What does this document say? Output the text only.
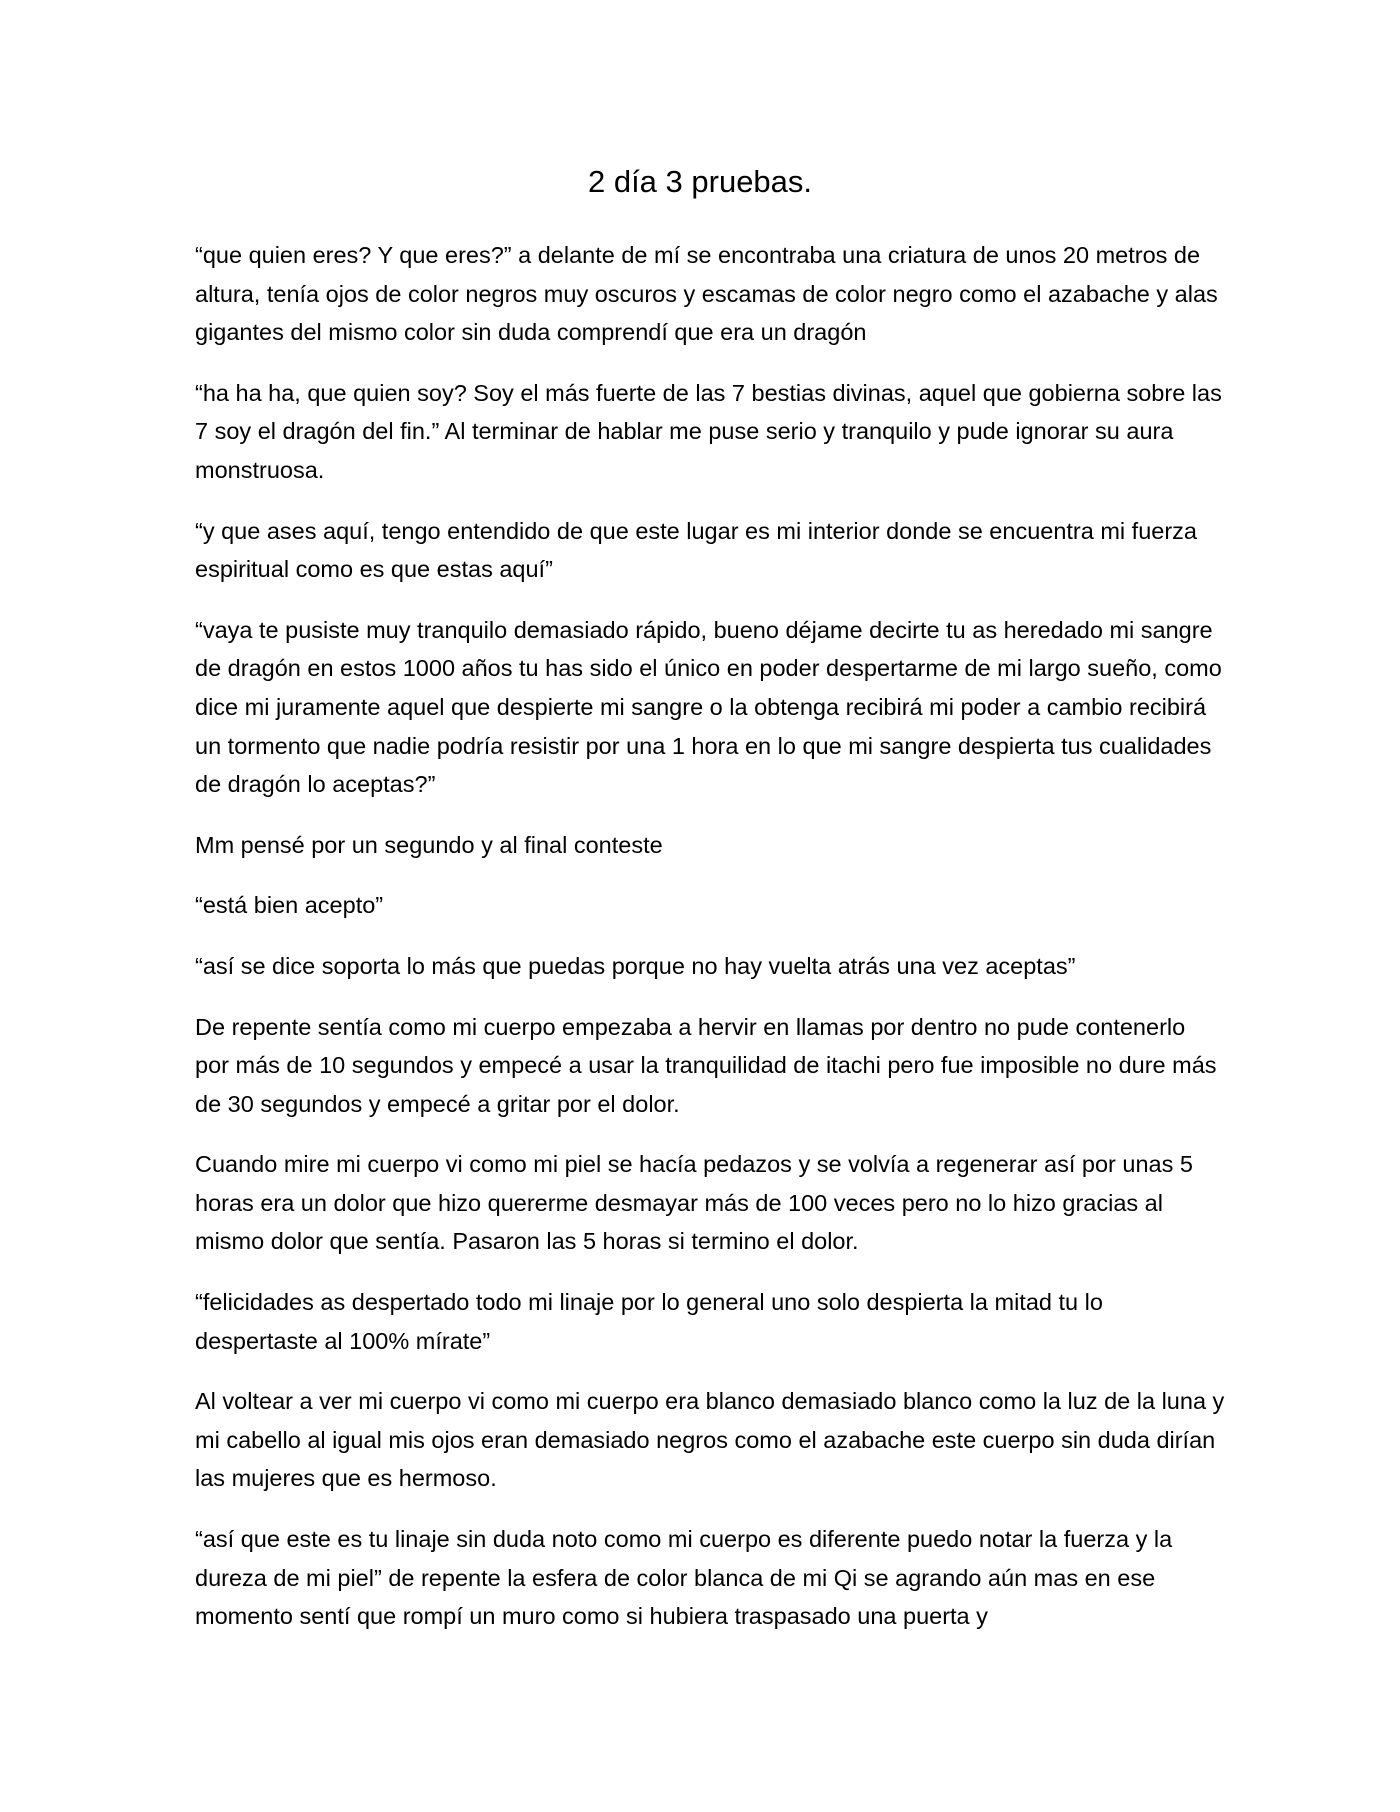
2 día 3 pruebas.

“que quien eres? Y que eres?” a delante de mí se encontraba una criatura de unos 20 metros de altura, tenía ojos de color negros muy oscuros y escamas de color negro como el azabache y alas gigantes del mismo color sin duda comprendí que era un dragón

“ha ha ha, que quien soy? Soy el más fuerte de las 7 bestias divinas, aquel que gobierna sobre las 7 soy el dragón del fin.” Al terminar de hablar me puse serio y tranquilo y pude ignorar su aura monstruosa.

“y que ases aquí, tengo entendido de que este lugar es mi interior donde se encuentra mi fuerza espiritual como es que estas aquí”

“vaya te pusiste muy tranquilo demasiado rápido, bueno déjame decirte tu as heredado mi sangre de dragón en estos 1000 años tu has sido el único en poder despertarme de mi largo sueño, como dice mi juramente aquel que despierte mi sangre o la obtenga recibirá mi poder a cambio recibirá un tormento que nadie podría resistir por una 1 hora en lo que mi sangre despierta tus cualidades de dragón lo aceptas?”

Mm pensé por un segundo y al final conteste

“está bien acepto”

“así se dice soporta lo más que puedas porque no hay vuelta atrás una vez aceptas”

De repente sentía como mi cuerpo empezaba a hervir en llamas por dentro no pude contenerlo por más de 10 segundos y empecé a usar la tranquilidad de itachi pero fue imposible no dure más de 30 segundos y empecé a gritar por el dolor.

Cuando mire mi cuerpo vi como mi piel se hacía pedazos y se volvía a regenerar así por unas 5 horas era un dolor que hizo quererme desmayar más de 100 veces pero no lo hizo gracias al mismo dolor que sentía. Pasaron las 5 horas si termino el dolor.

“felicidades as despertado todo mi linaje por lo general uno solo despierta la mitad tu lo despertaste al 100% mírate”

Al voltear a ver mi cuerpo vi como mi cuerpo era blanco demasiado blanco como la luz de la luna y mi cabello al igual mis ojos eran demasiado negros como el azabache este cuerpo sin duda dirían las mujeres que es hermoso.

“así que este es tu linaje sin duda noto como mi cuerpo es diferente puedo notar la fuerza y la dureza de mi piel” de repente la esfera de color blanca de mi Qi se agrando aún mas en ese momento sentí que rompí un muro como si hubiera traspasado una puerta y
